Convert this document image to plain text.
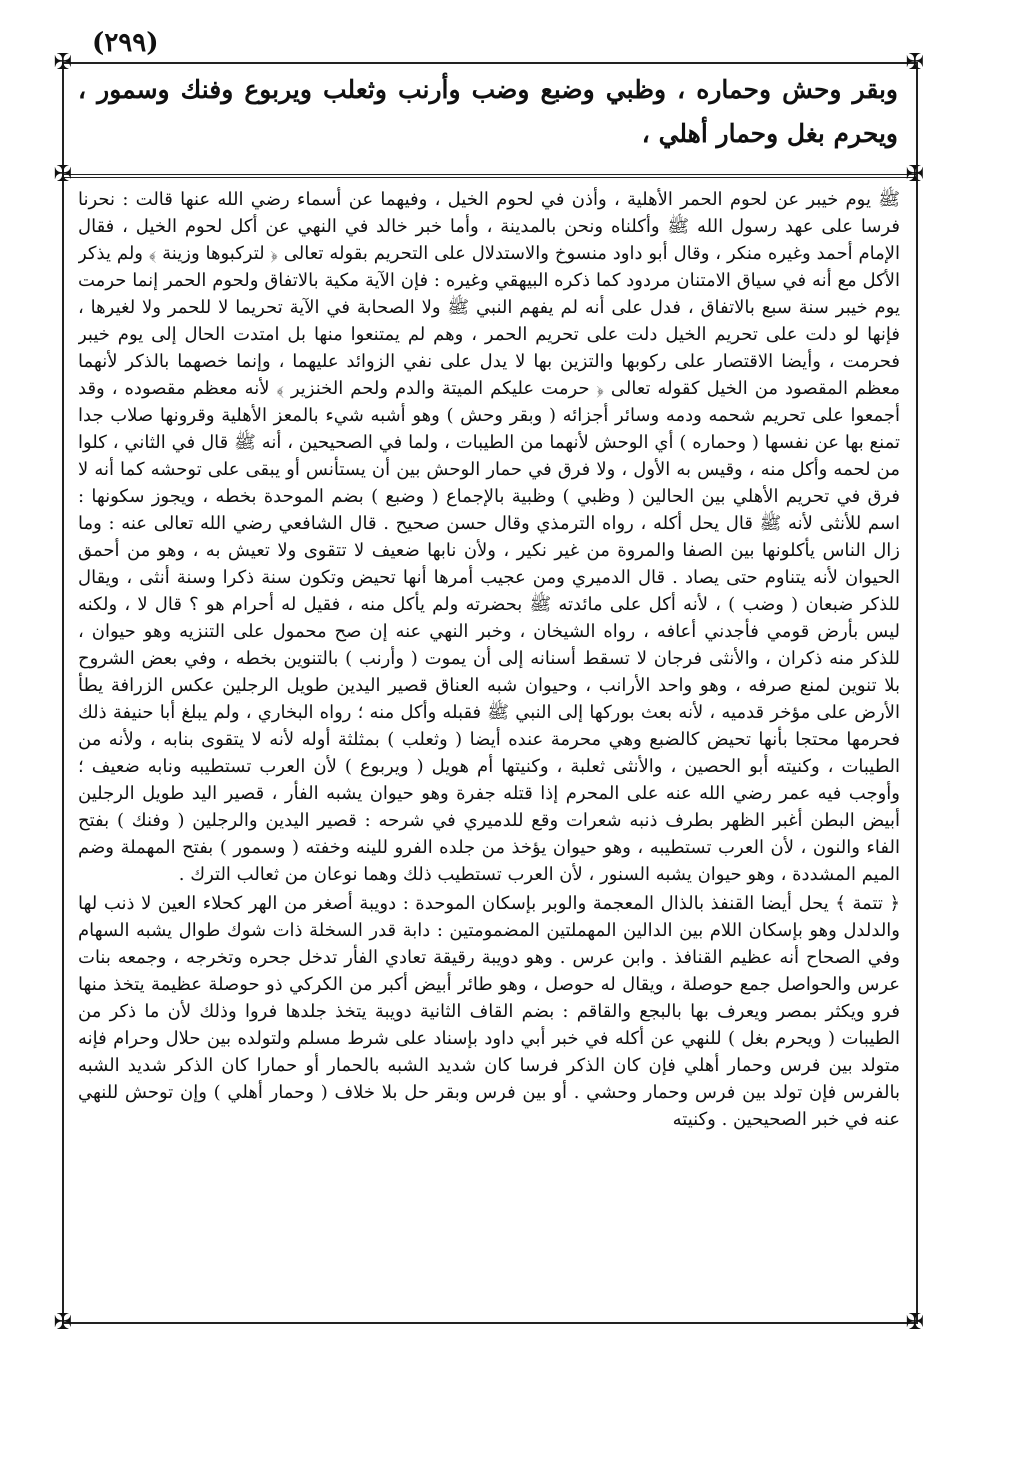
(٢٩٩)
✠	✠
✠	✠
✠	✠
وبقر وحش وحماره ، وظبي وضبع وضب وأرنب وثعلب ويربوع وفنك وسمور ، ويحرم بغل وحمار أهلي ،

ﷺ يوم خيبر عن لحوم الحمر الأهلية ، وأذن في لحوم الخيل ، وفيهما عن أسماء رضي الله عنها قالت : نحرنا فرسا على عهد رسول الله ﷺ وأكلناه ونحن بالمدينة ، وأما خبر خالد في النهي عن أكل لحوم الخيل ، فقال الإمام أحمد وغيره منكر ، وقال أبو داود منسوخ والاستدلال على التحريم بقوله تعالى ﴿ لتركبوها وزينة ﴾ ولم يذكر الأكل مع أنه في سياق الامتنان مردود كما ذكره البيهقي وغيره : فإن الآية مكية بالاتفاق ولحوم الحمر إنما حرمت يوم خيبر سنة سبع بالاتفاق ، فدل على أنه لم يفهم النبي ﷺ ولا الصحابة في الآية تحريما لا للحمر ولا لغيرها ، فإنها لو دلت على تحريم الخيل دلت على تحريم الحمر ، وهم لم يمتنعوا منها بل امتدت الحال إلى يوم خيبر فحرمت ، وأيضا الاقتصار على ركوبها والتزين بها لا يدل على نفي الزوائد عليهما ، وإنما خصهما بالذكر لأنهما معظم المقصود من الخيل كقوله تعالى ﴿ حرمت عليكم الميتة والدم ولحم الخنزير ﴾ لأنه معظم مقصوده ، وقد أجمعوا على تحريم شحمه ودمه وسائر أجزائه ( وبقر وحش ) وهو أشبه شيء بالمعز الأهلية وقرونها صلاب جدا تمنع بها عن نفسها ( وحماره ) أي الوحش لأنهما من الطيبات ، ولما في الصحيحين ، أنه ﷺ قال في الثاني ، كلوا من لحمه وأكل منه ، وقيس به الأول ، ولا فرق في حمار الوحش بين أن يستأنس أو يبقى على توحشه كما أنه لا فرق في تحريم الأهلي بين الحالين ( وظبي ) وظبية بالإجماع ( وضبع ) بضم الموحدة بخطه ، ويجوز سكونها : اسم للأنثى لأنه ﷺ قال يحل أكله ، رواه الترمذي وقال حسن صحيح . قال الشافعي رضي الله تعالى عنه : وما زال الناس يأكلونها بين الصفا والمروة من غير نكير ، ولأن نابها ضعيف لا تتقوى ولا تعيش به ، وهو من أحمق الحيوان لأنه يتناوم حتى يصاد . قال الدميري ومن عجيب أمرها أنها تحيض وتكون سنة ذكرا وسنة أنثى ، ويقال للذكر ضبعان ( وضب ) ، لأنه أكل على مائدته ﷺ بحضرته ولم يأكل منه ، فقيل له أحرام هو ؟ قال لا ، ولكنه ليس بأرض قومي فأجدني أعافه ، رواه الشيخان ، وخبر النهي عنه إن صح محمول على التنزيه وهو حيوان ، للذكر منه ذكران ، والأنثى فرجان لا تسقط أسنانه إلى أن يموت ( وأرنب ) بالتنوين بخطه ، وفي بعض الشروح بلا تنوين لمنع صرفه ، وهو واحد الأرانب ، وحيوان شبه العناق قصير اليدين طويل الرجلين عكس الزرافة يطأ الأرض على مؤخر قدميه ، لأنه بعث بوركها إلى النبي ﷺ فقبله وأكل منه ؛ رواه البخاري ، ولم يبلغ أبا حنيفة ذلك فحرمها محتجا بأنها تحيض كالضبع وهي محرمة عنده أيضا ( وثعلب ) بمثلثة أوله لأنه لا يتقوى بنابه ، ولأنه من الطيبات ، وكنيته أبو الحصين ، والأنثى ثعلبة ، وكنيتها أم هويل ( ويربوع ) لأن العرب تستطيبه ونابه ضعيف ؛ وأوجب فيه عمر رضي الله عنه على المحرم إذا قتله جفرة وهو حيوان يشبه الفأر ، قصير اليد طويل الرجلين أبيض البطن أغبر الظهر بطرف ذنبه شعرات وقع للدميري في شرحه : قصير اليدين والرجلين ( وفنك ) بفتح الفاء والنون ، لأن العرب تستطيبه ، وهو حيوان يؤخذ من جلده الفرو للينه وخفته ( وسمور ) بفتح المهملة وضم الميم المشددة ، وهو حيوان يشبه السنور ، لأن العرب تستطيب ذلك وهما نوعان من ثعالب الترك .

﴿ تتمة ﴾ يحل أيضا القنفذ بالذال المعجمة والوبر بإسكان الموحدة : دويبة أصغر من الهر كحلاء العين لا ذنب لها والدلدل وهو بإسكان اللام بين الدالين المهملتين المضمومتين : دابة قدر السخلة ذات شوك طوال يشبه السهام وفي الصحاح أنه عظيم القنافذ . وابن عرس . وهو دويبة رقيقة تعادي الفأر تدخل جحره وتخرجه ، وجمعه بنات عرس والحواصل جمع حوصلة ، ويقال له حوصل ، وهو طائر أبيض أكبر من الكركي ذو حوصلة عظيمة يتخذ منها فرو ويكثر بمصر ويعرف بها بالبجع والقاقم : بضم القاف الثانية دويبة يتخذ جلدها فروا وذلك لأن ما ذكر من الطيبات ( ويحرم بغل ) للنهي عن أكله في خبر أبي داود بإسناد على شرط مسلم ولتولده بين حلال وحرام فإنه متولد بين فرس وحمار أهلي فإن كان الذكر فرسا كان شديد الشبه بالحمار أو حمارا كان الذكر شديد الشبه بالفرس فإن تولد بين فرس وحمار وحشي . أو بين فرس وبقر حل بلا خلاف ( وحمار أهلي ) وإن توحش للنهي عنه في خبر الصحيحين . وكنيته
